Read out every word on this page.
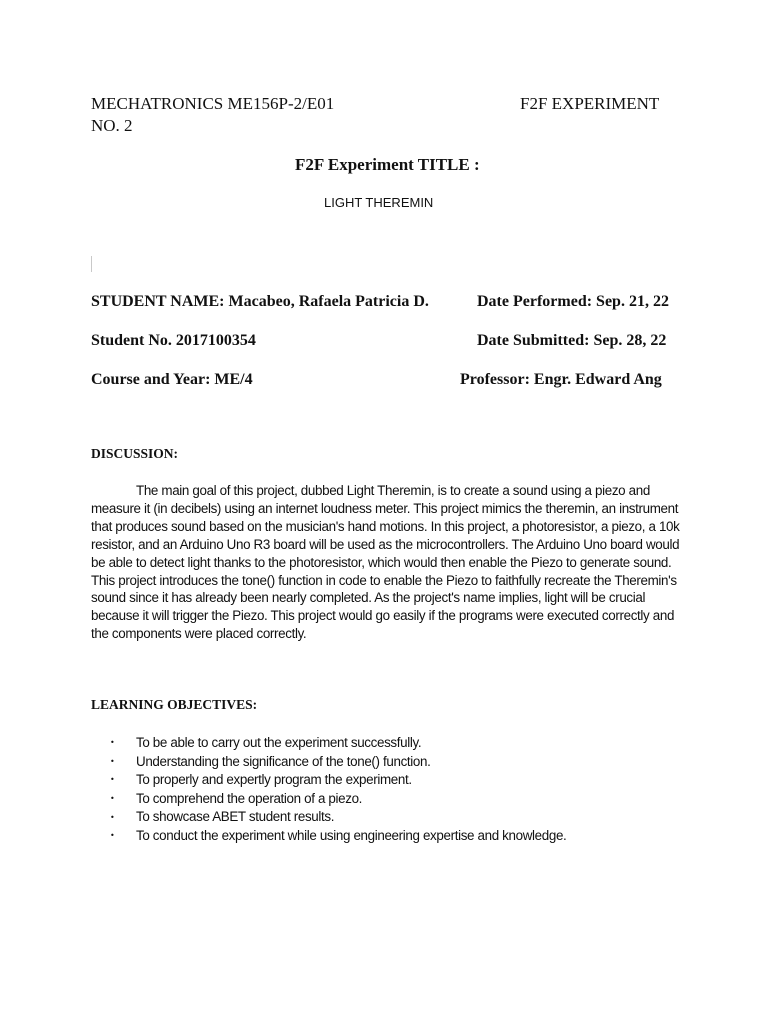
MECHATRONICS ME156P-2/E01	F2F EXPERIMENT
NO. 2
F2F Experiment TITLE :
LIGHT THEREMIN
STUDENT NAME: Macabeo, Rafaela Patricia D.	Date Performed: Sep. 21, 22
Student No. 2017100354	Date Submitted: Sep. 28, 22
Course and Year: ME/4	Professor: Engr. Edward Ang
DISCUSSION:

The main goal of this project, dubbed Light Theremin, is to create a sound using a piezo and measure it (in decibels) using an internet loudness meter. This project mimics the theremin, an instrument that produces sound based on the musician's hand motions. In this project, a photoresistor, a piezo, a 10k resistor, and an Arduino Uno R3 board will be used as the microcontrollers. The Arduino Uno board would be able to detect light thanks to the photoresistor, which would then enable the Piezo to generate sound. This project introduces the tone() function in code to enable the Piezo to faithfully recreate the Theremin's sound since it has already been nearly completed. As the project's name implies, light will be crucial because it will trigger the Piezo. This project would go easily if the programs were executed correctly and the components were placed correctly.

LEARNING OBJECTIVES:
• To be able to carry out the experiment successfully.
• Understanding the significance of the tone() function.
• To properly and expertly program the experiment.
• To comprehend the operation of a piezo.
• To showcase ABET student results.
• To conduct the experiment while using engineering expertise and knowledge.
